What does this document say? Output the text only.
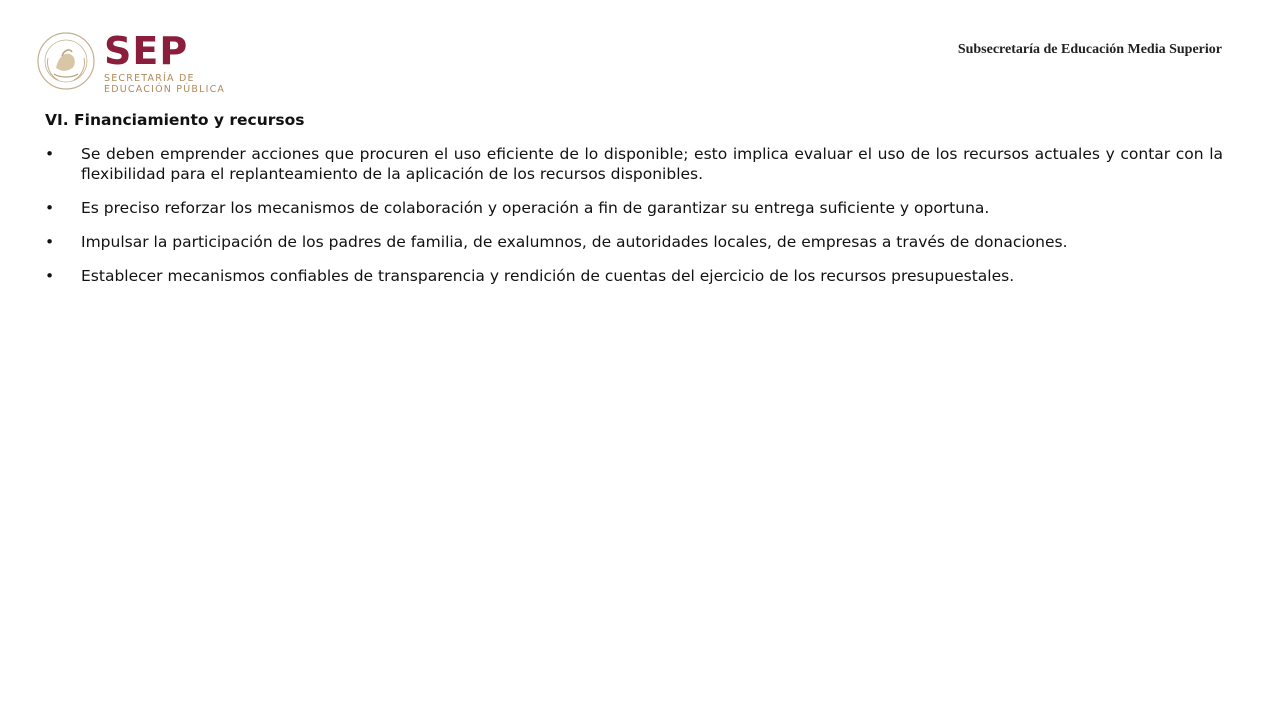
SEP
SECRETARÍA DE
EDUCACIÓN PÚBLICA
Subsecretaría de Educación Media Superior
VI. Financiamiento y recursos
• Se deben emprender acciones que procuren el uso eficiente de lo disponible; esto implica evaluar el uso de los recursos actuales y contar con la flexibilidad para el replanteamiento de la aplicación de los recursos disponibles.
• Es preciso reforzar los mecanismos de colaboración y operación a fin de garantizar su entrega suficiente y oportuna.
• Impulsar la participación de los padres de familia, de exalumnos, de autoridades locales, de empresas a través de donaciones.
• Establecer mecanismos confiables de transparencia y rendición de cuentas del ejercicio de los recursos presupuestales.
